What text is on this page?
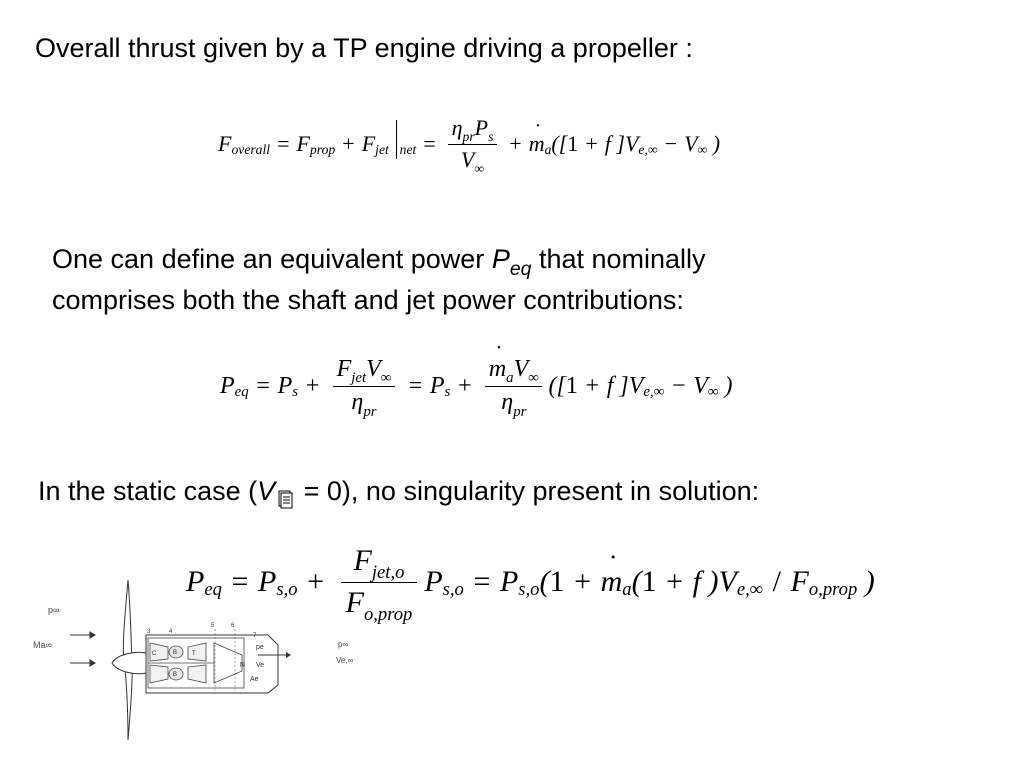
Overall thrust given by a TP engine driving a propeller :
One can define an equivalent power $P_{eq}$ that nominally
comprises both the shaft and jet power contributions:
In the static case (V = 0), no singularity present in solution:
F overall = F prop + F jet net = $\frac{\text{η pr P s}}{V \infty}$ + ˙ m a ([ 1 + f ] V e,∞ − V ∞ )
P eq = P $s + \frac{\text{F jet V ∞}}{\text{η pr}} = P$ s + ˙ $\frac{\text{m a V ∞}}{\text{η pr}}$ ([ 1 + f ] V e,∞ − V ∞ )
P eq = P $s,o + \frac{\text{F jet,o}}{\text{F o,prop}}$ P s,o = P s,o ( 1 + ˙ m a ( 1 + f ) V e,∞ / F o,prop )
p∞
Ma∞
C	B
B
T
N
3	4
5	6
7
pe
Ve
Ae
p∞
Ve,∞
